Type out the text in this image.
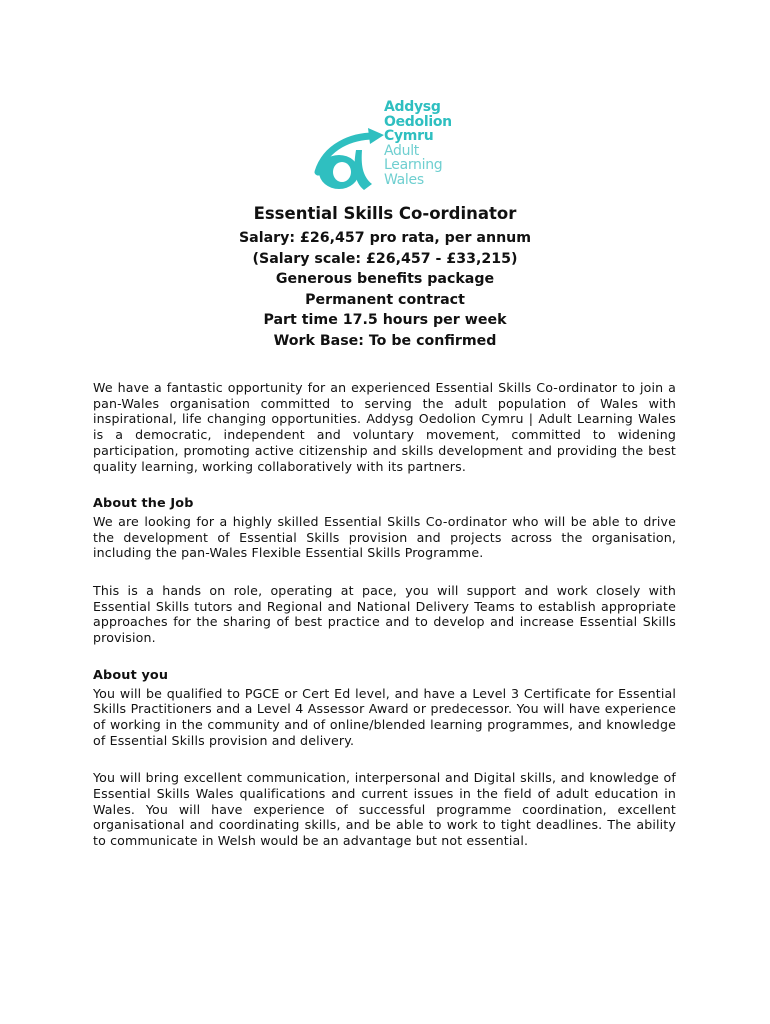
Addysg
Oedolion
Cymru
Adult
Learning
Wales

Essential Skills Co-ordinator

Salary: £26,457 pro rata, per annum

(Salary scale: £26,457 - £33,215)

Generous benefits package

Permanent contract

Part time 17.5 hours per week

Work Base: To be confirmed

We have a fantastic opportunity for an experienced Essential Skills Co-ordinator to join a pan-Wales organisation committed to serving the adult population of Wales with inspirational, life changing opportunities. Addysg Oedolion Cymru | Adult Learning Wales is a democratic, independent and voluntary movement, committed to widening participation, promoting active citizenship and skills development and providing the best quality learning, working collaboratively with its partners.

About the Job

We are looking for a highly skilled Essential Skills Co-ordinator who will be able to drive the development of Essential Skills provision and projects across the organisation, including the pan-Wales Flexible Essential Skills Programme.

This is a hands on role, operating at pace, you will support and work closely with Essential Skills tutors and Regional and National Delivery Teams to establish appropriate approaches for the sharing of best practice and to develop and increase Essential Skills provision.

About you

You will be qualified to PGCE or Cert Ed level, and have a Level 3 Certificate for Essential Skills Practitioners and a Level 4 Assessor Award or predecessor. You will have experience of working in the community and of online/blended learning programmes, and knowledge of Essential Skills provision and delivery.

You will bring excellent communication, interpersonal and Digital skills, and knowledge of Essential Skills Wales qualifications and current issues in the field of adult education in Wales. You will have experience of successful programme coordination, excellent organisational and coordinating skills, and be able to work to tight deadlines. The ability to communicate in Welsh would be an advantage but not essential.
